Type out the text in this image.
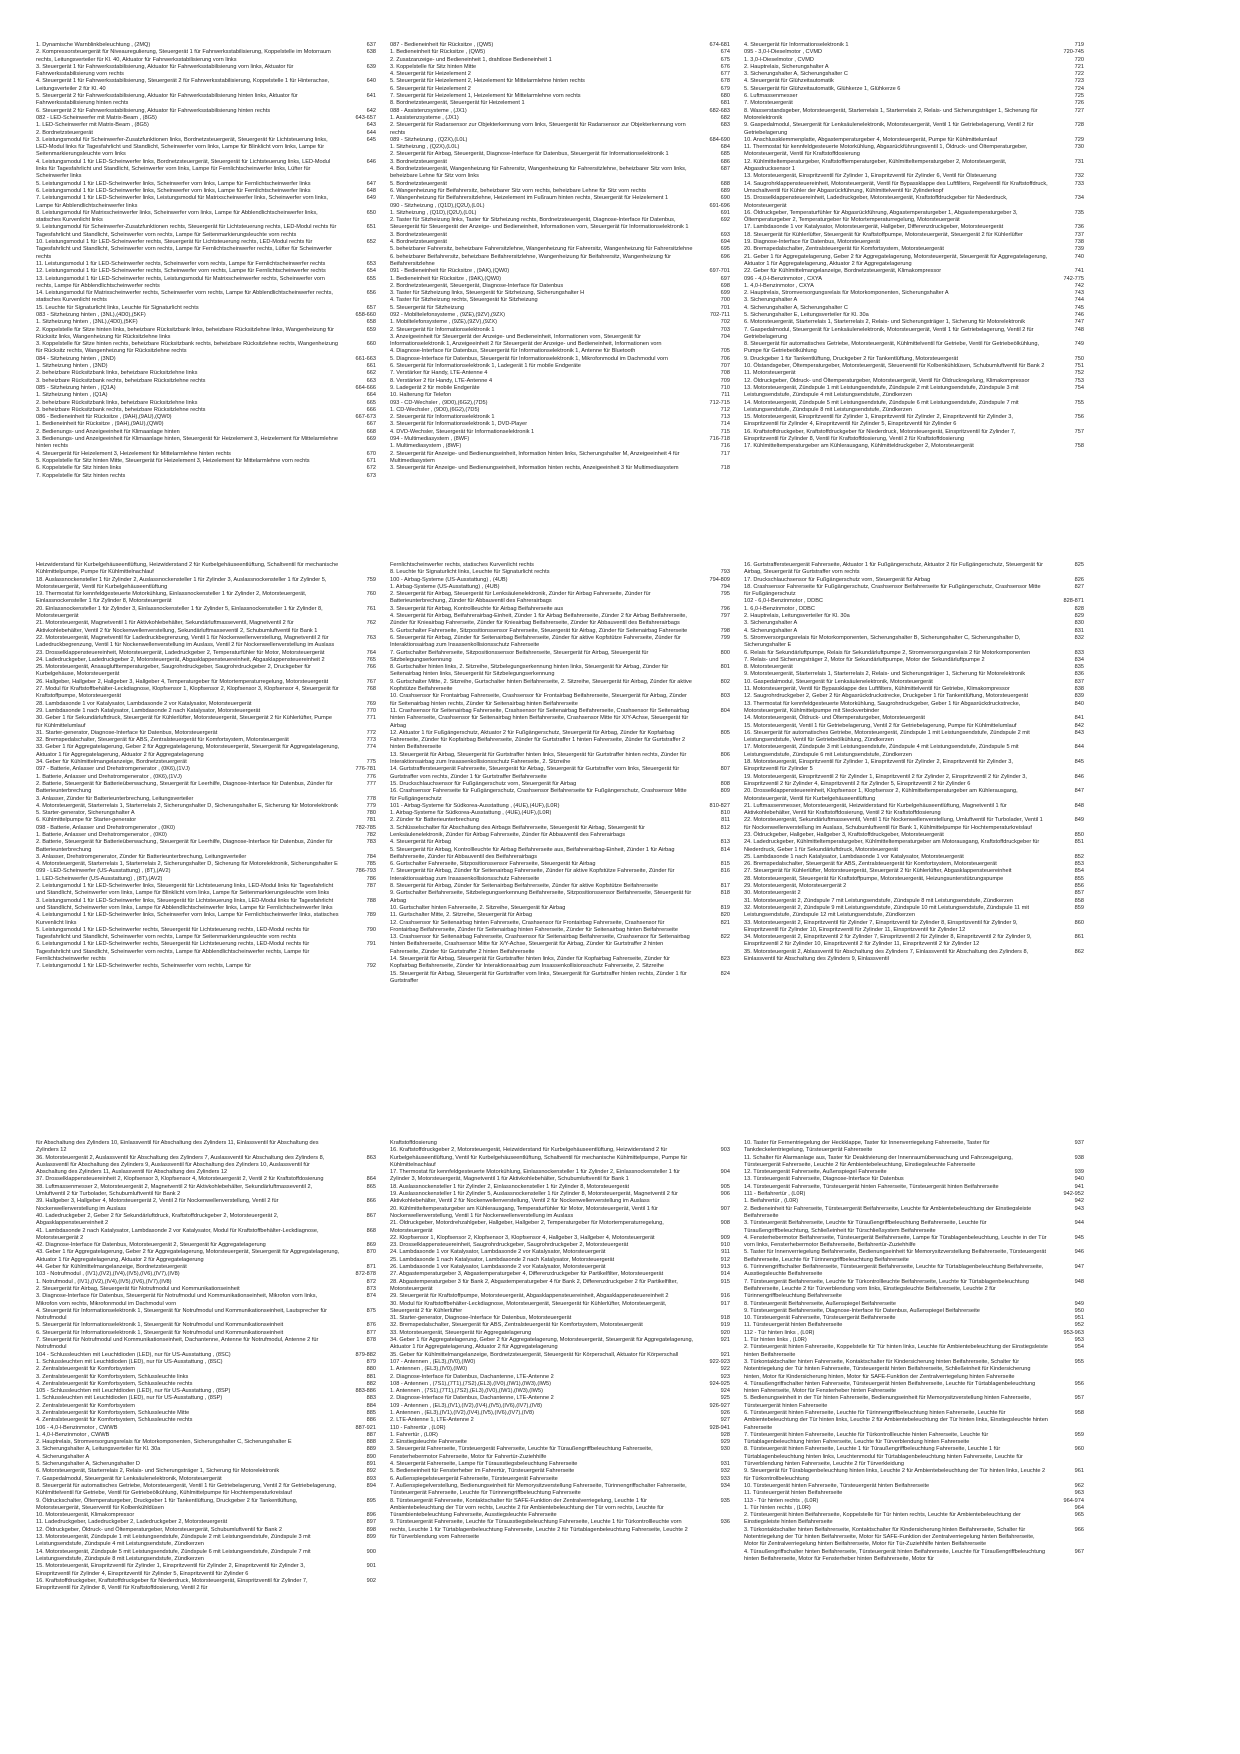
1. Dynamische Warnblinkbeleuchtung , (2MQ)	637
2. Kompressorsteuergerät für Niveauregulierung, Steuergerät 1 für Fahrwerksstabilisierung, Koppelstelle im Motorraum rechts, Leitungsverteiler für Kl. 40, Aktuator für Fahrwerksstabilisierung vorn links
638
3. Steuergerät 1 für Fahrwerksstabilisierung, Aktuator für Fahrwerksstabilisierung vorn links, Aktuator für Fahrwerksstabilisierung vorn rechts
639
4. Steuergerät 1 für Fahrwerksstabilisierung, Steuergerät 2 für Fahrwerksstabilisierung, Koppelstelle 1 für Hinterachse, Leitungsverteiler 2 für Kl. 40
640
5. Steuergerät 2 für Fahrwerksstabilisierung, Aktuator für Fahrwerksstabilisierung hinten links, Aktuator für Fahrwerksstabilisierung hinten rechts
641
6. Steuergerät 2 für Fahrwerksstabilisierung, Aktuator für Fahrwerksstabilisierung hinten rechts	642
082 - LED-Scheinwerfer mit Matrix-Beam , (8G5)	643-657
1. LED-Scheinwerfer mit Matrix-Beam , (8G5)	643
2. Bordnetzsteuergerät	644
3. Leistungsmodul für Scheinwerfer-Zusatzfunktionen links, Bordnetzsteuergerät, Steuergerät für Lichtsteuerung links, LED-Modul links für Tagesfahrlicht und Standlicht, Scheinwerfer vorn links, Lampe für Blinklicht vorn links, Lampe für Seitenmarkierungsleuchte vorn links
645
4. Leistungsmodul 1 für LED-Scheinwerfer links, Bordnetzsteuergerät, Steuergerät für Lichtsteuerung links, LED-Modul links für Tagesfahrlicht und Standlicht, Scheinwerfer vorn links, Lampe für Fernlichtscheinwerfer links, Lüfter für Scheinwerfer links
646
5. Leistungsmodul 1 für LED-Scheinwerfer links, Scheinwerfer vorn links, Lampe für Fernlichtscheinwerfer links	647
6. Leistungsmodul 1 für LED-Scheinwerfer links, Scheinwerfer vorn links, Lampe für Fernlichtscheinwerfer links	648
7. Leistungsmodul 1 für LED-Scheinwerfer links, Leistungsmodul für Matrixscheinwerfer links, Scheinwerfer vorn links, Lampe für Abblendlichtscheinwerfer links
649
8. Leistungsmodul für Matrixscheinwerfer links, Scheinwerfer vorn links, Lampe für Abblendlichtscheinwerfer links, statisches Kurvenlicht links
650
9. Leistungsmodul für Scheinwerfer-Zusatzfunktionen rechts, Steuergerät für Lichtsteuerung rechts, LED-Modul rechts für Tagesfahrlicht und Standlicht, Scheinwerfer vorn rechts, Lampe für Seitenmarkierungsleuchte vorn rechts
651
10. Leistungsmodul 1 für LED-Scheinwerfer rechts, Steuergerät für Lichtsteuerung rechts, LED-Modul rechts für Tagesfahrlicht und Standlicht, Scheinwerfer vorn rechts, Lampe für Fernlichtscheinwerfer rechts, Lüfter für Scheinwerfer rechts
652
11. Leistungsmodul 1 für LED-Scheinwerfer rechts, Scheinwerfer vorn rechts, Lampe für Fernlichtscheinwerfer rechts	653
12. Leistungsmodul 1 für LED-Scheinwerfer rechts, Scheinwerfer vorn rechts, Lampe für Fernlichtscheinwerfer rechts	654
13. Leistungsmodul 1 für LED-Scheinwerfer rechts, Leistungsmodul für Matrixscheinwerfer rechts, Scheinwerfer vorn rechts, Lampe für Abblendlichtscheinwerfer rechts
655
14. Leistungsmodul für Matrixscheinwerfer rechts, Scheinwerfer vorn rechts, Lampe für Abblendlichtscheinwerfer rechts, statisches Kurvenlicht rechts
656
15. Leuchte für Signaturlicht links, Leuchte für Signaturlicht rechts	657
083 - Sitzheizung hinten , (3NL),(4D0),(5KF)	658-660
1. Sitzheizung hinten , (3NL),(4D0),(5KF)	658
2. Koppelstelle für Sitze hinten links, beheizbare Rücksitzbank links, beheizbare Rücksitzlehne links, Wangenheizung für Rücksitz links, Wangenheizung für Rücksitzlehne links
659
3. Koppelstelle für Sitze hinten rechts, beheizbare Rücksitzbank rechts, beheizbare Rücksitzlehne rechts, Wangenheizung für Rücksitz rechts, Wangenheizung für Rücksitzlehne rechts
660
084 - Sitzheizung hinten , (3ND)	661-663
1. Sitzheizung hinten , (3ND)	661
2. beheizbare Rücksitzbank links, beheizbare Rücksitzlehne links	662
3. beheizbare Rücksitzbank rechts, beheizbare Rücksitzlehne rechts	663
085 - Sitzheizung hinten , (Q1A)	664-666
1. Sitzheizung hinten , (Q1A)	664
2. beheizbare Rücksitzbank links, beheizbare Rücksitzlehne links	665
3. beheizbare Rücksitzbank rechts, beheizbare Rücksitzlehne rechts	666
086 - Bedieneinheit für Rücksitze , (9AH),(9AU),(QW0)	667-673
1. Bedieneinheit für Rücksitze , (9AH),(9AU),(QW0)	667
2. Bedienungs- und Anzeigeeinheit für Klimaanlage hinten	668
3. Bedienungs- und Anzeigeeinheit für Klimaanlage hinten, Steuergerät für Heizelement 3, Heizelement für Mittelarmlehne hinten rechts
669
4. Steuergerät für Heizelement 3, Heizelement für Mittelarmlehne hinten rechts	670
5. Koppelstelle für Sitz hinten Mitte, Steuergerät für Heizelement 3, Heizelement für Mittelarmlehne vorn rechts	671
6. Koppelstelle für Sitz hinten links	672
7. Koppelstelle für Sitz hinten rechts	673
087 - Bedieneinheit für Rücksitze , (QW5)	674-681
1. Bedieneinheit für Rücksitze , (QW5)	674
2. Zusatzanzeige- und Bedieneinheit 1, drahtlose Bedieneinheit 1	675
3. Koppelstelle für Sitz hinten Mitte	676
4. Steuergerät für Heizelement 2	677
5. Steuergerät für Heizelement 2, Heizelement für Mittelarmlehne hinten rechts	678
6. Steuergerät für Heizelement 2	679
7. Steuergerät für Heizelement 1, Heizelement für Mittelarmlehne vorn rechts	680
8. Bordnetzsteuergerät, Steuergerät für Heizelement 1	681
088 - Assistenzsysteme , (JX1)	682-683
1. Assistenzsysteme , (JX1)	682
2. Steuergerät für Radarsensor zur Objekterkennung vorn links, Steuergerät für Radarsensor zur Objekterkennung vorn rechts
683
089 - Sitzheizung , (Q2X),(L0L)	684-690
1. Sitzheizung , (Q2X),(L0L)	684
2. Steuergerät für Airbag, Steuergerät, Diagnose-Interface für Datenbus, Steuergerät für Informationselektronik 1	685
3. Bordnetzsteuergerät	686
4. Bordnetzsteuergerät, Wangenheizung für Fahrersitz, Wangenheizung für Fahrersitzlehne, beheizbarer Sitz vorn links, beheizbare Lehne für Sitz vorn links
687
5. Bordnetzsteuergerät	688
6. Wangenheizung für Beifahrersitz, beheizbarer Sitz vorn rechts, beheizbare Lehne für Sitz vorn rechts	689
7. Wangenheizung für Beifahrersitzlehne, Heizelement im Fußraum hinten rechts, Steuergerät für Heizelement 1	690
090 - Sitzheizung , (Q1D),(Q2U),(L0L)	691-696
1. Sitzheizung , (Q1D),(Q2U),(L0L)	691
2. Taster für Sitzheizung links, Taster für Sitzheizung rechts, Bordnetzsteuergerät, Diagnose-Interface für Datenbus, Steuergerät für Steuergerät der Anzeige- und Bedieneinheit, Informationen vorn, Steuergerät für Informationselektronik 1
692
3. Bordnetzsteuergerät	693
4. Bordnetzsteuergerät	694
5. beheizbarer Fahrersitz, beheizbare Fahrersitzlehne, Wangenheizung für Fahrersitz, Wangenheizung für Fahrersitzlehne	695
6. beheizbarer Beifahrersitz, beheizbare Beifahrersitzlehne, Wangenheizung für Beifahrersitz, Wangenheizung für Beifahrersitzlehne
696
091 - Bedieneinheit für Rücksitze , (9AK),(QW0)	697-701
1. Bedieneinheit für Rücksitze , (9AK),(QW0)	697
2. Bordnetzsteuergerät, Steuergerät, Diagnose-Interface für Datenbus	698
3. Taster für Sitzheizung links, Steuergerät für Sitzheizung, Sicherungshalter H	699
4. Taster für Sitzheizung rechts, Steuergerät für Sitzheizung	700
5. Steuergerät für Sitzheizung	701
092 - Mobiltelefonsysteme , (9ZE),(9ZV),(9ZX)	702-711
1. Mobiltelefonsysteme , (9ZE),(9ZV),(9ZX)	702
2. Steuergerät für Informationselektronik 1	703
3. Anzeigeeinheit für Steuergerät der Anzeige- und Bedieneinheit, Informationen vorn, Steuergerät für Informationselektronik 1, Anzeigeeinheit 2 für Steuergerät der Anzeige- und Bedieneinheit, Informationen vorn
704
4. Diagnose-Interface für Datenbus, Steuergerät für Informationselektronik 1, Antenne für Bluetooth	705
5. Diagnose-Interface für Datenbus, Steuergerät für Informationselektronik 1, Mikrofonmodul im Dachmodul vorn	706
6. Steuergerät für Informationselektronik 1, Ladegerät 1 für mobile Endgeräte	707
7. Verstärker für Handy, LTE-Antenne 4	708
8. Verstärker 2 für Handy, LTE-Antenne 4	709
9. Ladegerät 2 für mobile Endgeräte	710
10. Halterung für Telefon	711
093 - CD-Wechsler , (9D0),(6G2),(7D5)	712-715
1. CD-Wechsler , (9D0),(6G2),(7D5)	712
2. Steuergerät für Informationselektronik 1	713
3. Steuergerät für Informationselektronik 1, DVD-Player	714
4. DVD-Wechsler, Steuergerät für Informationselektronik 1	715
094 - Multimediasystem , (8WF)	716-718
1. Multimediasystem , (8WF)	716
2. Steuergerät für Anzeige- und Bedienungseinheit, Information hinten links, Sicherungshalter M, Anzeigeeinheit 4 für Multimediasystem
717
3. Steuergerät für Anzeige- und Bedienungseinheit, Information hinten rechts, Anzeigeeinheit 3 für Multimediasystem	718
4. Steuergerät für Informationselektronik 1	719
095 - 3,0-l-Dieselmotor , CVMD	720-745
1. 3,0-l-Dieselmotor , CVMD	720
2. Hauptrelais, Sicherungshalter A	721
3. Sicherungshalter A, Sicherungshalter C	722
4. Steuergerät für Glühzeitautomatik	723
5. Steuergerät für Glühzeitautomatik, Glühkerze 1, Glühkerze 6	724
6. Luftmassenmesser	725
7. Motorsteuergerät	726
8. Wasserstandsgeber, Motorsteuergerät, Starterrelais 1, Starterrelais 2, Relais- und Sicherungsträger 1, Sicherung für Motorelektronik
727
9. Gaspedalmodul, Steuergerät für Lenksäulenelektronik, Motorsteuergerät, Ventil 1 für Getriebelagerung, Ventil 2 für Getriebelagerung
728
10. Anschlussklemmenplatte, Abgastemperaturgeber 4, Motorsteuergerät, Pumpe für Kühlmittelumlauf	729
11. Thermostat für kennfeldgesteuerte Motorkühlung, Abgasrückführungsventil 1, Öldruck- und Öltemperaturgeber, Motorsteuergerät, Ventil für Kraftstoffdosierung
730
12. Kühlmitteltemperaturgeber, Kraftstofftemperaturgeber, Kühlmitteltemperaturgeber 2, Motorsteuergerät, Abgasdrucksensor 1
731
13. Motorsteuergerät, Einspritzventil für Zylinder 1, Einspritzventil für Zylinder 6, Ventil für Ölsteuerung	732
14. Saugrohrklappensteuereinheit, Motorsteuergerät, Ventil für Bypassklappe des Luftfilters, Regelventil für Kraftstoffdruck, Umschaltventil für Kühler der Abgasrückführung, Kühlmittelventil für Zylinderkopf
733
15. Drosselklappensteuereinheit, Ladedruckgeber, Motorsteuergerät, Kraftstoffdruckgeber für Niederdruck, Motorsteuergerät
734
16. Öldruckgeber, Temperaturfühler für Abgasrückführung, Abgastemperaturgeber 1, Abgastemperaturgeber 3, Öltemperaturgeber 2, Temperaturgeber für Motortemperaturregelung, Motorsteuergerät
735
17. Lambdasonde 1 vor Katalysator, Motorsteuergerät, Hallgeber, Differenzdruckgeber, Motorsteuergerät	736
18. Steuergerät für Kühlerlüfter, Steuergerät für Kraftstoffpumpe, Motorsteuergerät, Steuergerät 2 für Kühlerlüfter	737
19. Diagnose-Interface für Datenbus, Motorsteuergerät	738
20. Bremspedalschalter, Zentralsteuergerät für Komfortsystem, Motorsteuergerät	739
21. Geber 1 für Aggregatelagerung, Geber 2 für Aggregatelagerung, Motorsteuergerät, Steuergerät für Aggregatelagerung, Aktuator 1 für Aggregatelagerung, Aktuator 2 für Aggregatelagerung
740
22. Geber für Kühlmittelmangelanzeige, Bordnetzsteuergerät, Klimakompressor	741
096 - 4,0-l-Benzinmotor , CXYA	742-775
1. 4,0-l-Benzinmotor , CXYA	742
2. Hauptrelais, Stromversorgungsrelais für Motorkomponenten, Sicherungshalter A	743
3. Sicherungshalter A	744
4. Sicherungshalter A, Sicherungshalter C	745
5. Sicherungshalter E, Leitungsverteiler für Kl. 30a	746
6. Motorsteuergerät, Starterrelais 1, Starterrelais 2, Relais- und Sicherungsträger 1, Sicherung für Motorelektronik	747
7. Gaspedalmodul, Steuergerät für Lenksäulenelektronik, Motorsteuergerät, Ventil 1 für Getriebelagerung, Ventil 2 für Getriebelagerung
748
8. Steuergerät für automatisches Getriebe, Motorsteuergerät, Kühlmittelventil für Getriebe, Ventil für Getriebeölkühlung, Pumpe für Getriebeölkühlung
749
9. Druckgeber 1 für Tankentlüftung, Druckgeber 2 für Tankentlüftung, Motorsteuergerät	750
10. Ölstandsgeber, Öltemperaturgeber, Motorsteuergerät, Steuerventil für Kolbenkühldüsen, Schubumluftventil für Bank 2	751
11. Motorsteuergerät	752
12. Öldruckgeber, Öldruck- und Öltemperaturgeber, Motorsteuergerät, Ventil für Öldruckregelung, Klimakompressor	753
13. Motorsteuergerät, Zündspule 1 mit Leistungsendstufe, Zündspule 2 mit Leistungsendstufe, Zündspule 3 mit Leistungsendstufe, Zündspule 4 mit Leistungsendstufe, Zündkerzen
754
14. Motorsteuergerät, Zündspule 5 mit Leistungsendstufe, Zündspule 6 mit Leistungsendstufe, Zündspule 7 mit Leistungsendstufe, Zündspule 8 mit Leistungsendstufe, Zündkerzen
755
15. Motorsteuergerät, Einspritzventil für Zylinder 1, Einspritzventil für Zylinder 2, Einspritzventil für Zylinder 3, Einspritzventil für Zylinder 4, Einspritzventil für Zylinder 5, Einspritzventil für Zylinder 6
756
16. Kraftstoffdruckgeber, Kraftstoffdruckgeber für Niederdruck, Motorsteuergerät, Einspritzventil für Zylinder 7, Einspritzventil für Zylinder 8, Ventil für Kraftstoffdosierung, Ventil 2 für Kraftstoffdosierung
757
17. Kühlmitteltemperaturgeber am Kühlerausgang, Kühlmitteldruckgeber 2, Motorsteuergerät	758
Heizwiderstand für Kurbelgehäuseentlüftung, Heizwiderstand 2 für Kurbelgehäuseentlüftung, Schaltventil für mechanische Kühlmittelpumpe, Pumpe für Kühlmittelnachlauf
18. Auslassnockensteller 1 für Zylinder 2, Auslassnockensteller 1 für Zylinder 3, Auslassnockensteller 1 für Zylinder 5, Motorsteuergerät, Ventil für Kurbelgehäuseentlüftung
759
19. Thermostat für kennfeldgesteuerte Motorkühlung, Einlassnockensteller 1 für Zylinder 2, Motorsteuergerät, Einlassnockensteller 1 für Zylinder 8, Motorsteuergerät
760
20. Einlassnockensteller 1 für Zylinder 3, Einlassnockensteller 1 für Zylinder 5, Einlassnockensteller 1 für Zylinder 8, Motorsteuergerät
761
21. Motorsteuergerät, Magnetventil 1 für Aktivkohlebehälter, Sekundärluftmasseventil, Magnetventil 2 für Aktivkohlebehälter, Ventil 2 für Nockenwellenverstellung, Sekundärluftmasseventil 2, Schubumluftventil für Bank 1
762
22. Motorsteuergerät, Magnetventil für Ladedruckbegrenzung, Ventil 1 für Nockenwellenverstellung, Magnetventil 2 für Ladedruckbegrenzung, Ventil 1 für Nockenwellenverstellung im Auslass, Ventil 2 für Nockenwellenverstellung im Auslass
763
23. Drosselklappensteuereinheit, Motorsteuergerät, Ladedruckgeber 2, Temperaturfühler für Motor, Motorsteuergerät	764
24. Ladedruckgeber, Ladedruckgeber 2, Motorsteuergerät, Abgasklappensteuereinheit, Abgasklappensteuereinheit 2	765
25. Motorsteuergerät, Ansauglufttemperaturgeber, Saugrohrdruckgeber, Saugrohrdruckgeber 2, Druckgeber für Kurbelgehäuse, Motorsteuergerät
766
26. Hallgeber, Hallgeber 2, Hallgeber 3, Hallgeber 4, Temperaturgeber für Motortemperaturregelung, Motorsteuergerät	767
27. Modul für Kraftstoffbehälter-Leckdiagnose, Klopfsensor 1, Klopfsensor 2, Klopfsensor 3, Klopfsensor 4, Steuergerät für Kraftstoffpumpe, Motorsteuergerät
768
28. Lambdasonde 1 vor Katalysator, Lambdasonde 2 vor Katalysator, Motorsteuergerät	769
29. Lambdasonde 1 nach Katalysator, Lambdasonde 2 nach Katalysator, Motorsteuergerät	770
30. Geber 1 für Sekundärluftdruck, Steuergerät für Kühlerlüfter, Motorsteuergerät, Steuergerät 2 für Kühlerlüfter, Pumpe für Kühlmittelumlauf
771
31. Starter-generator, Diagnose-Interface für Datenbus, Motorsteuergerät	772
32. Bremspedalschalter, Steuergerät für ABS, Zentralsteuergerät für Komfortsystem, Motorsteuergerät	773
33. Geber 1 für Aggregatelagerung, Geber 2 für Aggregatelagerung, Motorsteuergerät, Steuergerät für Aggregatelagerung, Aktuator 1 für Aggregatelagerung, Aktuator 2 für Aggregatelagerung
774
34. Geber für Kühlmittelmangelanzeige, Bordnetzsteuergerät	775
097 - Batterie, Anlasser und Drehstromgenerator , (0K6),(1VJ)	776-781
1. Batterie, Anlasser und Drehstromgenerator , (0K6),(1VJ)	776
2. Batterie, Steuergerät für Batterieüberwachung, Steuergerät für Leerhilfe, Diagnose-Interface für Datenbus, Zünder für Batterieunterbrechung
777
3. Anlasser, Zünder für Batterieunterbrechung, Leitungsverteiler	778
4. Motorsteuergerät, Starterrelais 1, Starterrelais 2, Sicherungshalter D, Sicherungshalter E, Sicherung für Motorelektronik	779
5. Starter-generator, Sicherungshalter A	780
6. Kühlmittelpumpe für Starter-generator	781
098 - Batterie, Anlasser und Drehstromgenerator , (0K0)	782-785
1. Batterie, Anlasser und Drehstromgenerator , (0K0)	782
2. Batterie, Steuergerät für Batterieüberwachung, Steuergerät für Leerhilfe, Diagnose-Interface für Datenbus, Zünder für Batterieunterbrechung
783
3. Anlasser, Drehstromgenerator, Zünder für Batterieunterbrechung, Leitungsverteiler	784
4. Motorsteuergerät, Starterrelais 1, Starterrelais 2, Sicherungshalter D, Sicherung für Motorelektronik, Sicherungshalter E	785
099 - LED-Scheinwerfer (US-Ausstattung) , (8T),(AV2)	786-793
1. LED-Scheinwerfer (US-Ausstattung) , (8T),(AV2)	786
2. Leistungsmodul 1 für LED-Scheinwerfer links, Steuergerät für Lichtsteuerung links, LED-Modul links für Tagesfahrlicht und Standlicht, Scheinwerfer vorn links, Lampe für Blinklicht vorn links, Lampe für Seitenmarkierungsleuchte vorn links
787
3. Leistungsmodul 1 für LED-Scheinwerfer links, Steuergerät für Lichtsteuerung links, LED-Modul links für Tagesfahrlicht und Standlicht, Scheinwerfer vorn links, Lampe für Abblendlichtscheinwerfer links, Lampe für Fernlichtscheinwerfer links
788
4. Leistungsmodul 1 für LED-Scheinwerfer links, Scheinwerfer vorn links, Lampe für Fernlichtscheinwerfer links, statisches Kurvenlicht links
789
5. Leistungsmodul 1 für LED-Scheinwerfer rechts, Steuergerät für Lichtsteuerung rechts, LED-Modul rechts für Tagesfahrlicht und Standlicht, Scheinwerfer vorn rechts, Lampe für Seitenmarkierungsleuchte vorn rechts
790
6. Leistungsmodul 1 für LED-Scheinwerfer rechts, Steuergerät für Lichtsteuerung rechts, LED-Modul rechts für Tagesfahrlicht und Standlicht, Scheinwerfer vorn rechts, Lampe für Abblendlichtscheinwerfer rechts, Lampe für Fernlichtscheinwerfer rechts
791
7. Leistungsmodul 1 für LED-Scheinwerfer rechts, Scheinwerfer vorn rechts, Lampe für	792
Fernlichtscheinwerfer rechts, statisches Kurvenlicht rechts
8. Leuchte für Signaturlicht links, Leuchte für Signaturlicht rechts	793
100 - Airbag-Systeme (US-Ausstattung) , (4UB)	794-809
1. Airbag-Systeme (US-Ausstattung) , (4UB)	794
2. Steuergerät für Airbag, Steuergerät für Lenksäulenelektronik, Zünder für Airbag Fahrerseite, Zünder für Batterieunterbrechung, Zünder für Abbauventil des Fahrerairbags
795
3. Steuergerät für Airbag, Kontrollleuchte für Airbag Beifahrerseite aus	796
4. Steuergerät für Airbag, Beifahrerairbag-Einheit, Zünder 1 für Airbag Beifahrerseite, Zünder 2 für Airbag Beifahrerseite, Zünder für Knieairbag Fahrerseite, Zünder für Knieairbag Beifahrerseite, Zünder für Abbauventil des Beifahrerairbags
797
5. Gurtschalter Fahrerseite, Sitzpositionssensor Fahrerseite, Steuergerät für Airbag, Zünder für Seitenairbag Fahrerseite	798
6. Steuergerät für Airbag, Zünder für Seitenairbag Beifahrerseite, Zünder für aktive Kopfstütze Fahrerseite, Zünder für Interaktionsairbag zum Insassenkollisionsschutz Fahrerseite
799
7. Gurtschalter Beifahrerseite, Sitzpositionssensor Beifahrerseite, Steuergerät für Airbag, Steuergerät für Sitzbelegungserkennung
800
8. Gurtschalter hinten links, 2. Sitzreihe, Sitzbelegungserkennung hinten links, Steuergerät für Airbag, Zünder für Seitenairbag hinten links, Steuergerät für Sitzbelegungserkennung
801
9. Gurtschalter Mitte, 2. Sitzreihe, Gurtschalter hinten Beifahrerseite, 2. Sitzreihe, Steuergerät für Airbag, Zünder für aktive Kopfstütze Beifahrerseite
802
10. Crashsensor für Frontairbag Fahrerseite, Crashsensor für Frontairbag Beifahrerseite, Steuergerät für Airbag, Zünder für Seitenairbag hinten rechts, Zünder für Seitenairbag hinten Beifahrerseite
803
11. Crashsensor für Seitenairbag Fahrerseite, Crashsensor für Seitenairbag Beifahrerseite, Crashsensor für Seitenairbag hinten Fahrerseite, Crashsensor für Seitenairbag hinten Beifahrerseite, Crashsensor Mitte für X/Y-Achse, Steuergerät für Airbag
804
12. Aktuator 1 für Fußgängerschutz, Aktuator 2 für Fußgängerschutz, Steuergerät für Airbag, Zünder für Kopfairbag Fahrerseite, Zünder für Kopfairbag Beifahrerseite, Zünder für Gurtstraffer 1 hinten Fahrerseite, Zünder für Gurtstraffer 2 hinten Beifahrerseite
805
13. Steuergerät für Airbag, Steuergerät für Gurtstraffer hinten links, Steuergerät für Gurtstraffer hinten rechts, Zünder für Interaktionsairbag zum Insassenkollisionsschutz Fahrerseite, 2. Sitzreihe
806
14. Gurtstraffersteuergerät Fahrerseite, Steuergerät für Airbag, Steuergerät für Gurtstraffer vorn links, Steuergerät für Gurtstraffer vorn rechts, Zünder 1 für Gurtstraffer Beifahrerseite
807
15. Druckschlauchsensor für Fußgängerschutz vorn, Steuergerät für Airbag	808
16. Crashsensor Fahrerseite für Fußgängerschutz, Crashsensor Beifahrerseite für Fußgängerschutz, Crashsensor Mitte für Fußgängerschutz
809
101 - Airbag-Systeme für Südkorea-Ausstattung , (4UE),(4UF),(L0R)	810-827
1. Airbag-Systeme für Südkorea-Ausstattung , (4UE),(4UF),(L0R)	810
2. Zünder für Batterieunterbrechung	811
3. Schlüsselschalter für Abschaltung des Airbags Beifahrerseite, Steuergerät für Airbag, Steuergerät für Lenksäulenelektronik, Zünder für Airbag Fahrerseite, Zünder für Abbauventil des Fahrerairbags
812
4. Steuergerät für Airbag	813
5. Steuergerät für Airbag, Kontrollleuchte für Airbag Beifahrerseite aus, Beifahrerairbag-Einheit, Zünder 1 für Airbag Beifahrerseite, Zünder für Abbauventil des Beifahrerairbags
814
6. Gurtschalter Fahrerseite, Sitzpositionssensor Fahrerseite, Steuergerät für Airbag	815
7. Steuergerät für Airbag, Zünder für Seitenairbag Fahrerseite, Zünder für aktive Kopfstütze Fahrerseite, Zünder für Interaktionsairbag zum Insassenkollisionsschutz Fahrerseite
816
8. Steuergerät für Airbag, Zünder für Seitenairbag Beifahrerseite, Zünder für aktive Kopfstütze Beifahrerseite	817
9. Gurtschalter Beifahrerseite, Sitzbelegungserkennung Beifahrerseite, Sitzpositionssensor Beifahrerseite, Steuergerät für Airbag
818
10. Gurtschalter hinten Fahrerseite, 2. Sitzreihe, Steuergerät für Airbag	819
11. Gurtschalter Mitte, 2. Sitzreihe, Steuergerät für Airbag	820
12. Crashsensor für Seitenairbag hinten Fahrerseite, Crashsensor für Frontairbag Fahrerseite, Crashsensor für Frontairbag Beifahrerseite, Zünder für Seitenairbag hinten Fahrerseite, Zünder für Seitenairbag hinten Beifahrerseite
821
13. Crashsensor für Seitenairbag Fahrerseite, Crashsensor für Seitenairbag Beifahrerseite, Crashsensor für Seitenairbag hinten Beifahrerseite, Crashsensor Mitte für X/Y-Achse, Steuergerät für Airbag, Zünder für Gurtstraffer 2 hinten Fahrerseite, Zünder für Gurtstraffer 2 hinten Beifahrerseite
822
14. Steuergerät für Airbag, Steuergerät für Gurtstraffer hinten links, Zünder für Kopfairbag Fahrerseite, Zünder für Kopfairbag Beifahrerseite, Zünder für Interaktionsairbag zum Insassenkollisionsschutz Fahrerseite, 2. Sitzreihe
823
15. Steuergerät für Airbag, Steuergerät für Gurtstraffer vorn links, Steuergerät für Gurtstraffer hinten rechts, Zünder 1 für Gurtstraffer
824
16. Gurtstraffersteuergerät Fahrerseite, Aktuator 1 für Fußgängerschutz, Aktuator 2 für Fußgängerschutz, Steuergerät für Airbag, Steuergerät für Gurtstraffer vorn rechts
825
17. Druckschlauchsensor für Fußgängerschutz vorn, Steuergerät für Airbag	826
18. Crashsensor Fahrerseite für Fußgängerschutz, Crashsensor Beifahrerseite für Fußgängerschutz, Crashsensor Mitte für Fußgängerschutz
827
102 - 6,0-l-Benzinmotor , DDBC	828-871
1. 6,0-l-Benzinmotor , DDBC	828
2. Hauptrelais, Leitungsverteiler für Kl. 30a	829
3. Sicherungshalter A	830
4. Sicherungshalter A	831
5. Stromversorgungsrelais für Motorkomponenten, Sicherungshalter B, Sicherungshalter C, Sicherungshalter D, Sicherungshalter E
832
6. Relais für Sekundärluftpumpe, Relais für Sekundärluftpumpe 2, Stromversorgungsrelais 2 für Motorkomponenten	833
7. Relais- und Sicherungsträger 2, Motor für Sekundärluftpumpe, Motor der Sekundärluftpumpe 2	834
8. Motorsteuergerät	835
9. Motorsteuergerät, Starterrelais 1, Starterrelais 2, Relais- und Sicherungsträger 1, Sicherung für Motorelektronik	836
10. Gaspedalmodul, Steuergerät für Lenksäulenelektronik, Motorsteuergerät	837
11. Motorsteuergerät, Ventil für Bypassklappe des Luftfilters, Kühlmittelventil für Getriebe, Klimakompressor	838
12. Saugrohrdruckgeber 2, Geber 2 für Abgasrückdruckstrecke, Druckgeber 1 für Tankentlüftung, Motorsteuergerät	839
13. Thermostat für kennfeldgesteuerte Motorkühlung, Saugrohrdruckgeber, Geber 1 für Abgasrückdruckstrecke, Motorsteuergerät, Kühlmittelpumpe mit Steckverbinder
840
14. Motorsteuergerät, Öldruck- und Öltemperaturgeber, Motorsteuergerät	841
15. Motorsteuergerät, Ventil 1 für Getriebelagerung, Ventil 2 für Getriebelagerung, Pumpe für Kühlmittelumlauf	842
16. Steuergerät für automatisches Getriebe, Motorsteuergerät, Zündspule 1 mit Leistungsendstufe, Zündspule 2 mit Leistungsendstufe, Ventil für Getriebeölkühlung, Zündkerzen
843
17. Motorsteuergerät, Zündspule 3 mit Leistungsendstufe, Zündspule 4 mit Leistungsendstufe, Zündspule 5 mit Leistungsendstufe, Zündspule 6 mit Leistungsendstufe, Zündkerzen
844
18. Motorsteuergerät, Einspritzventil für Zylinder 1, Einspritzventil für Zylinder 2, Einspritzventil für Zylinder 3, Einspritzventil für Zylinder 5
845
19. Motorsteuergerät, Einspritzventil 2 für Zylinder 1, Einspritzventil 2 für Zylinder 2, Einspritzventil 2 für Zylinder 3, Einspritzventil 2 für Zylinder 4, Einspritzventil 2 für Zylinder 5, Einspritzventil 2 für Zylinder 6
846
20. Drosselklappensteuereinheit, Klopfsensor 1, Klopfsensor 2, Kühlmitteltemperaturgeber am Kühlerausgang, Motorsteuergerät, Ventil für Kurbelgehäuseentlüftung
847
21. Luftmassenmesser, Motorsteuergerät, Heizwiderstand für Kurbelgehäuseentlüftung, Magnetventil 1 für Aktivkohlebehälter, Ventil für Kraftstoffdosierung, Ventil 2 für Kraftstoffdosierung
848
22. Motorsteuergerät, Sekundärluftmasseventil, Ventil 1 für Nockenwellenverstellung, Umluftventil für Turbolader, Ventil 1 für Nockenwellenverstellung im Auslass, Schubumluftventil für Bank 1, Kühlmittelpumpe für Hochtemperaturkreislauf
849
23. Öldruckgeber, Hallgeber, Hallgeber 3, Kraftstoffdruckgeber, Motorsteuergerät	850
24. Ladedruckgeber, Kühlmitteltemperaturgeber, Kühlmitteltemperaturgeber am Motorausgang, Kraftstoffdruckgeber für Niederdruck, Geber 1 für Sekundärluftdruck, Motorsteuergerät
851
25. Lambdasonde 1 nach Katalysator, Lambdasonde 1 vor Katalysator, Motorsteuergerät	852
26. Bremspedalschalter, Steuergerät für ABS, Zentralsteuergerät für Komfortsystem, Motorsteuergerät	853
27. Steuergerät für Kühlerlüfter, Motorsteuergerät, Steuergerät 2 für Kühlerlüfter, Abgasklappensteuereinheit	854
28. Motorsteuergerät, Steuergerät für Kraftstoffpumpe, Motorsteuergerät, Heizungsunterstützungspumpe	855
29. Motorsteuergerät, Motorsteuergerät 2	856
30. Motorsteuergerät 2	857
31. Motorsteuergerät 2, Zündspule 7 mit Leistungsendstufe, Zündspule 8 mit Leistungsendstufe, Zündkerzen	858
32. Motorsteuergerät 2, Zündspule 9 mit Leistungsendstufe, Zündspule 10 mit Leistungsendstufe, Zündspule 11 mit Leistungsendstufe, Zündspule 12 mit Leistungsendstufe, Zündkerzen
859
33. Motorsteuergerät 2, Einspritzventil für Zylinder 7, Einspritzventil für Zylinder 8, Einspritzventil für Zylinder 9, Einspritzventil für Zylinder 10, Einspritzventil für Zylinder 11, Einspritzventil für Zylinder 12
860
34. Motorsteuergerät 2, Einspritzventil 2 für Zylinder 7, Einspritzventil 2 für Zylinder 8, Einspritzventil 2 für Zylinder 9, Einspritzventil 2 für Zylinder 10, Einspritzventil 2 für Zylinder 11, Einspritzventil 2 für Zylinder 12
861
35. Motorsteuergerät 2, Ablassventil für Abschaltung des Zylinders 7, Einlassventil für Abschaltung des Zylinders 8, Einlassventil für Abschaltung des Zylinders 9, Einlassventil
862
für Abschaltung des Zylinders 10, Einlassventil für Abschaltung des Zylinders 11, Einlassventil für Abschaltung des Zylinders 12
36. Motorsteuergerät 2, Auslassventil für Abschaltung des Zylinders 7, Auslassventil für Abschaltung des Zylinders 8, Auslassventil für Abschaltung des Zylinders 9, Auslassventil für Abschaltung des Zylinders 10, Auslassventil für Abschaltung des Zylinders 11, Auslassventil für Abschaltung des Zylinders 12
863
37. Drosselklappensteuereinheit 2, Klopfsensor 3, Klopfsensor 4, Motorsteuergerät 2, Ventil 2 für Kraftstoffdosierung	864
38. Luftmassenmesser 2, Motorsteuergerät 2, Magnetventil 2 für Aktivkohlebehälter, Sekundärluftmasseventil 2, Umluftventil 2 für Turbolader, Schubumluftventil für Bank 2
865
39. Hallgeber 3, Hallgeber 4, Motorsteuergerät 2, Ventil 2 für Nockenwellenverstellung, Ventil 2 für Nockenwellenverstellung im Auslass
866
40. Ladedruckgeber 2, Geber 2 für Sekundärluftdruck, Kraftstoffdruckgeber 2, Motorsteuergerät 2, Abgasklappensteuereinheit 2
867
41. Lambdasonde 2 nach Katalysator, Lambdasonde 2 vor Katalysator, Modul für Kraftstoffbehälter-Leckdiagnose, Motorsteuergerät 2
868
42. Diagnose-Interface für Datenbus, Motorsteuergerät 2, Steuergerät für Aggregatelagerung	869
43. Geber 1 für Aggregatelagerung, Geber 2 für Aggregatelagerung, Motorsteuergerät, Steuergerät für Aggregatelagerung, Aktuator 1 für Aggregatelagerung, Aktuator 2 für Aggregatelagerung
870
44. Geber für Kühlmittelmangelanzeige, Bordnetzsteuergerät	871
103 - Notrufmodul , (IV1),(IV2),(IV4),(IV5),(IV6),(IV7),(IV8)	872-878
1. Notrufmodul , (IV1),(IV2),(IV4),(IV5),(IV6),(IV7),(IV8)	872
2. Steuergerät für Airbag, Steuergerät für Notrufmodul und Kommunikationseinheit	873
3. Diagnose-Interface für Datenbus, Steuergerät für Notrufmodul und Kommunikationseinheit, Mikrofon vorn links, Mikrofon vorn rechts, Mikrofonmodul im Dachmodul vorn
874
4. Steuergerät für Informationselektronik 1, Steuergerät für Notrufmodul und Kommunikationseinheit, Lautsprecher für Notrufmodul
875
5. Steuergerät für Informationselektronik 1, Steuergerät für Notrufmodul und Kommunikationseinheit	876
6. Steuergerät für Informationselektronik 1, Steuergerät für Notrufmodul und Kommunikationseinheit	877
7. Steuergerät für Notrufmodul und Kommunikationseinheit, Dachantenne, Antenne für Notrufmodul, Antenne 2 für Notrufmodul
878
104 - Schlussleuchten mit Leuchtdioden (LED), nur für US-Ausstattung , (8SC)	879-882
1. Schlussleuchten mit Leuchtdioden (LED), nur für US-Ausstattung , (8SC)	879
2. Zentralsteuergerät für Komfortsystem	880
3. Zentralsteuergerät für Komfortsystem, Schlussleuchte links	881
4. Zentralsteuergerät für Komfortsystem, Schlussleuchte rechts	882
105 - Schlussleuchten mit Leuchtdioden (LED), nur für US-Ausstattung , (8SP)	883-886
1. Schlussleuchten mit Leuchtdioden (LED), nur für US-Ausstattung , (8SP)	883
2. Zentralsteuergerät für Komfortsystem	884
3. Zentralsteuergerät für Komfortsystem, Schlussleuchte Mitte	885
4. Zentralsteuergerät für Komfortsystem, Schlussleuchte rechts	886
106 - 4,0-l-Benzinmotor , CWWB	887-921
1. 4,0-l-Benzinmotor , CWWB	887
2. Hauptrelais, Stromversorgungsrelais für Motorkomponenten, Sicherungshalter C, Sicherungshalter E	888
3. Sicherungshalter A, Leitungsverteiler für Kl. 30a	889
4. Sicherungshalter A	890
5. Sicherungshalter A, Sicherungshalter D	891
6. Motorsteuergerät, Starterrelais 2, Relais- und Sicherungsträger 1, Sicherung für Motorelektronik	892
7. Gaspedalmodul, Steuergerät für Lenksäulenelektronik, Motorsteuergerät	893
8. Steuergerät für automatisches Getriebe, Motorsteuergerät, Ventil 1 für Getriebelagerung, Ventil 2 für Getriebelagerung, Kühlmittelventil für Getriebe, Ventil für Getriebeölkühlung, Kühlmittelpumpe für Hochtemperaturkreislauf
894
9. Öldruckschalter, Öltemperaturgeber, Druckgeber 1 für Tankentlüftung, Druckgeber 2 für Tankentlüftung, Motorsteuergerät, Steuerventil für Kolbenkühldüsen
895
10. Motorsteuergerät, Klimakompressor	896
11. Ladedruckgeber, Ladedruckgeber 2, Ladedruckgeber 2, Motorsteuergerät	897
12. Öldruckgeber, Öldruck- und Öltemperaturgeber, Motorsteuergerät, Schubumluftventil für Bank 2	898
13. Motorsteuergerät, Zündspule 1 mit Leistungsendstufe, Zündspule 2 mit Leistungsendstufe, Zündspule 3 mit Leistungsendstufe, Zündspule 4 mit Leistungsendstufe, Zündkerzen
899
14. Motorsteuergerät, Zündspule 5 mit Leistungsendstufe, Zündspule 6 mit Leistungsendstufe, Zündspule 7 mit Leistungsendstufe, Zündspule 8 mit Leistungsendstufe, Zündkerzen
900
15. Motorsteuergerät, Einspritzventil für Zylinder 1, Einspritzventil für Zylinder 2, Einspritzventil für Zylinder 3, Einspritzventil für Zylinder 4, Einspritzventil für Zylinder 5, Einspritzventil für Zylinder 6
901
16. Kraftstoffdruckgeber, Kraftstoffdruckgeber für Niederdruck, Motorsteuergerät, Einspritzventil für Zylinder 7, Einspritzventil für Zylinder 8, Ventil für Kraftstoffdosierung, Ventil 2 für
902
Kraftstoffdosierung
16. Kraftstoffdruckgeber 2, Motorsteuergerät, Heizwiderstand für Kurbelgehäuseentlüftung, Heizwiderstand 2 für Kurbelgehäuseentlüftung, Ventil für Kurbelgehäuseentlüftung, Schaltventil für mechanische Kühlmittelpumpe, Pumpe für Kühlmittelnachlauf
903
17. Thermostat für kennfeldgesteuerte Motorkühlung, Einlassnockensteller 1 für Zylinder 2, Einlassnockensteller 1 für Zylinder 3, Motorsteuergerät, Magnetventil 1 für Aktivkohlebehälter, Schubumluftventil für Bank 1
904
18. Auslassnockensteller 1 für Zylinder 2, Einlassnockensteller 1 für Zylinder 8, Motorsteuergerät	905
19. Auslassnockensteller 1 für Zylinder 5, Auslassnockensteller 1 für Zylinder 8, Motorsteuergerät, Magnetventil 2 für Aktivkohlebehälter, Ventil 2 für Nockenwellenverstellung, Ventil 2 für Nockenwellenverstellung im Auslass
906
20. Kühlmitteltemperaturgeber am Kühlerausgang, Temperaturfühler für Motor, Motorsteuergerät, Ventil 1 für Nockenwellenverstellung, Ventil 1 für Nockenwellenverstellung im Auslass
907
21. Öldruckgeber, Motordrehzahlgeber, Hallgeber, Hallgeber 2, Temperaturgeber für Motortemperaturregelung, Motorsteuergerät
908
22. Klopfsensor 1, Klopfsensor 2, Klopfsensor 3, Klopfsensor 4, Hallgeber 3, Hallgeber 4, Motorsteuergerät	909
23. Drosselklappensteuereinheit, Saugrohrdruckgeber, Saugrohrdruckgeber 2, Motorsteuergerät	910
24. Lambdasonde 1 vor Katalysator, Lambdasonde 2 vor Katalysator, Motorsteuergerät	911
25. Lambdasonde 1 nach Katalysator, Lambdasonde 2 nach Katalysator, Motorsteuergerät	912
26. Lambdasonde 1 vor Katalysator, Lambdasonde 2 vor Katalysator, Motorsteuergerät	913
27. Abgastemperaturgeber 3, Abgastemperaturgeber 4, Differenzdruckgeber für Partikelfilter, Motorsteuergerät	914
28. Abgastemperaturgeber 3 für Bank 2, Abgastemperaturgeber 4 für Bank 2, Differenzdruckgeber 2 für Partikelfilter, Motorsteuergerät
915
29. Steuergerät für Kraftstoffpumpe, Motorsteuergerät, Abgasklappensteuereinheit, Abgasklappensteuereinheit 2	916
30. Modul für Kraftstoffbehälter-Leckdiagnose, Motorsteuergerät, Steuergerät für Kühlerlüfter, Motorsteuergerät, Steuergerät 2 für Kühlerlüfter
917
31. Starter-generator, Diagnose-Interface für Datenbus, Motorsteuergerät	918
32. Bremspedalschalter, Steuergerät für ABS, Zentralsteuergerät für Komfortsystem, Motorsteuergerät	919
33. Motorsteuergerät, Steuergerät für Aggregatelagerung	920
34. Geber 1 für Aggregatelagerung, Geber 2 für Aggregatelagerung, Motorsteuergerät, Steuergerät für Aggregatelagerung, Aktuator 1 für Aggregatelagerung, Aktuator 2 für Aggregatelagerung
921
35. Geber für Kühlmittelmangelanzeige, Bordnetzsteuergerät, Steuergerät für Körperschall, Aktuator für Körperschall	921
107 - Antennen , (EL3),(IV0),(IW0)	922-923
1. Antennen , (EL3),(IV0),(IW0)	922
2. Diagnose-Interface für Datenbus, Dachantenne, LTE-Antenne 2	923
108 - Antennen , (7S1),(7T1),(7S2),(EL3),(IV0),(IW1),(IW3),(IW5)	924-925
1. Antennen , (7S1),(7T1),(7S2),(EL3),(IV0),(IW1),(IW3),(IW5)	924
2. Diagnose-Interface für Datenbus, Dachantenne, LTE-Antenne 2	925
109 - Antennen , (EL3),(IV1),(IV2),(IV4),(IV5),(IV6),(IV7),(IV8)	926-927
1. Antennen , (EL3),(IV1),(IV2),(IV4),(IV5),(IV6),(IV7),(IV8)	926
2. LTE-Antenne 1, LTE-Antenne 2	927
110 - Fahrertür , (L0R)	928-941
1. Fahrertür , (L0R)	928
2. Einstiegsleuchte Fahrerseite	929
3. Steuergerät Fahrerseite, Türsteuergerät Fahrerseite, Leuchte für Türaußengriffbeleuchtung Fahrerseite, Fensterhebermotor Fahrerseite, Motor für Fahrertür-Zuziehhilfe
930
4. Steuergerät Fahrerseite, Lampe für Türausstiegsbeleuchtung Fahrerseite	931
5. Bedieneinheit für Fensterheber im Fahrertür, Türsteuergerät Fahrerseite	932
6. Außenspiegelsteuergerät Fahrerseite, Türsteuergerät Fahrerseite	933
7. Außenspiegelverstellung, Bedienungseinheit für Memorysitzverstellung Fahrerseite, Türinnengriffschalter Fahrerseite, Türsteuergerät Fahrerseite, Leuchte für Türinnengriffbeleuchtung Fahrerseite
934
8. Türsteuergerät Fahrerseite, Kontaktschalter für SAFE-Funktion der Zentralverriegelung, Leuchte 1 für Ambientebeleuchtung der Tür vorn rechts, Leuchte 2 für Ambientebeleuchtung der Tür vorn rechts, Leuchte für Türambientebeleuchtung Fahrerseite, Ausstiegsleuchte Fahrerseite
935
9. Türsteuergerät Fahrerseite, Leuchte für Türausstiegsbeleuchtung Fahrerseite, Leuchte 1 für Türkontrollleuchte vorn rechts, Leuchte 1 für Türtablagenbeleuchtung Fahrerseite, Leuchte 2 für Türtablagenbeleuchtung Fahrerseite, Leuchte 2 für Türverblendung vom Fahrerseite
936
10. Taster für Fernentriegelung der Heckklappe, Taster für Innenverriegelung Fahrerseite, Taster für Tankdeckelentriegelung, Türsteuergerät Fahrerseite
937
11. Schalter für Alarmanlage aus, Taster für Deaktivierung der Innenraumüberwachung und Fahrzeugeigung, Türsteuergerät Fahrerseite, Leuchte 2 für Ambientebeleuchtung, Einstiegsleuchte Fahrerseite
938
12. Türsteuergerät Fahrerseite, Außenspiegel Fahrerseite	939
13. Türsteuergerät Fahrerseite, Diagnose-Interface für Datenbus	940
14. Türsteuergerät Fahrerseite, Türsteuergerät hinten Fahrerseite, Türsteuergerät hinten Beifahrerseite	941
111 - Beifahrertür , (L0R)	942-952
1. Beifahrertür , (L0R)	942
2. Bedieneinheit für Fahrerseite, Türsteuergerät Beifahrerseite, Leuchte für Ambientebeleuchtung der Einstiegsleiste Beifahrerseite
943
3. Türsteuergerät Beifahrerseite, Leuchte für Türaußengriffbeleuchtung Beifahrerseite, Leuchte für Türaußengriffbeleuchtung, Schließeinheit für Türschließsystem Beifahrerseite
944
4. Fensterhebermotor Beifahrerseite, Türsteuergerät Beifahrerseite, Lampe für Türablagenbeleuchtung, Leuchte in der Tür vorn links, Fensterhebermotor Beifahrerseite, Beifahrertür-Zuziehhilfe
945
5. Taster für Innenverriegelung Beifahrerseite, Bedienungseinheit für Memorysitzverstellung Beifahrerseite, Türsteuergerät Beifahrerseite, Leuchte für Türinnengriffbeleuchtung Beifahrerseite
946
6. Türinnengriffschalter Beifahrerseite, Türsteuergerät Beifahrerseite, Leuchte für Türtablagenbeleuchtung Beifahrerseite, Ausstiegsleuchte Beifahrerseite
947
7. Türsteuergerät Beifahrerseite, Leuchte für Türkontrollleuchte Beifahrerseite, Leuchte für Türtablagenbeleuchtung Beifahrerseite, Leuchte 2 für Türverblendung vorn links, Einstiegsleuchte Beifahrerseite, Leuchte 2 für Türinnengriffbeleuchtung Beifahrerseite
948
8. Türsteuergerät Beifahrerseite, Außenspiegel Beifahrerseite	949
9. Türsteuergerät Beifahrerseite, Diagnose-Interface für Datenbus, Außenspiegel Beifahrerseite	950
10. Türsteuergerät Fahrerseite, Türsteuergerät Beifahrerseite	951
11. Türsteuergerät hinten Beifahrerseite	952
112 - Tür hinten links , (L0R)	953-963
1. Tür hinten links , (L0R)	953
2. Türsteuergerät hinten Fahrerseite, Koppelstelle für Tür hinten links, Leuchte für Ambientebeleuchtung der Einstiegsleiste hinten Beifahrerseite
954
3. Türkontaktschalter hinten Fahrerseite, Kontaktschalter für Kindersicherung hinten Beifahrerseite, Schalter für Notentriegelung der Tür hinten Fahrerseite, Türsteuergerät hinten Beifahrerseite, Schließeinheit für Kindersicherung hinten, Motor für Kindersicherung hinten, Motor für SAFE-Funktion der Zentralverriegelung hinten Fahrerseite
955
4. Türaußengriffschalter hinten Fahrerseite, Türsteuergerät hinten Beifahrerseite, Leuchte für Türtablagenbeleuchtung hinten Fahrerseite, Motor für Fensterheber hinten Fahrerseite
956
5. Bedienungseinheit in der Tür hinten Fahrerseite, Bedienungseinheit für Memorysitzverstellung hinten Fahrerseite, Türsteuergerät hinten Fahrerseite
957
6. Türsteuergerät hinten Fahrerseite, Leuchte für Türinnengriffbeleuchtung hinten Fahrerseite, Leuchte für Ambientebeleuchtung der Tür hinten links, Leuchte 2 für Ambientebeleuchtung der Tür hinten links, Einstiegsleuchte hinten Fahrerseite
958
7. Türsteuergerät hinten Fahrerseite, Leuchte für Türkontrollleuchte hinten Fahrerseite, Leuchte für Türtablagenbeleuchtung hinten Fahrerseite, Leuchte für Türverblendung hinten Fahrerseite
959
8. Türsteuergerät hinten Fahrerseite, Leuchte 1 für Türaußengriffbeleuchtung Fahrerseite, Leuchte 1 für Türtablagenbeleuchtung hinten links, Leuchtenmodul für Türtablagenbeleuchtung hinten Fahrerseite, Leuchte für Türverblendung hinten Fahrerseite, Leuchte 2 für Türverkleidung
960
9. Steuergerät für Türablagenbeleuchtung hinten links, Leuchte 2 für Ambientebeleuchtung der Tür hinten links, Leuchte 2 für Türkontrollbeleuchtung
961
10. Türsteuergerät hinten Fahrerseite, Türsteuergerät hinten Beifahrerseite	962
11. Türsteuergerät hinten Beifahrerseite	963
113 - Tür hinten rechts , (L0R)	964-974
1. Tür hinten rechts , (L0R)	964
2. Türsteuergerät hinten Beifahrerseite, Koppelstelle für Tür hinten rechts, Leuchte für Ambientebeleuchtung der Einstiegsleiste hinten Beifahrerseite
965
3. Türkontaktschalter hinten Beifahrerseite, Kontaktschalter für Kindersicherung hinten Beifahrerseite, Schalter für Notentriegelung der Tür hinten Beifahrerseite, Motor für SAFE-Funktion der Zentralverriegelung hinten Beifahrerseite, Motor für Zentralverriegelung hinten Beifahrerseite, Motor für Tür-Zuziehhilfe hinten Beifahrerseite
966
4. Türaußengriffschalter hinten Beifahrerseite, Türsteuergerät hinten Beifahrerseite, Leuchte für Türaußengriffbeleuchtung hinten Beifahrerseite, Motor für Fensterheber hinten Beifahrerseite, Motor für
967
